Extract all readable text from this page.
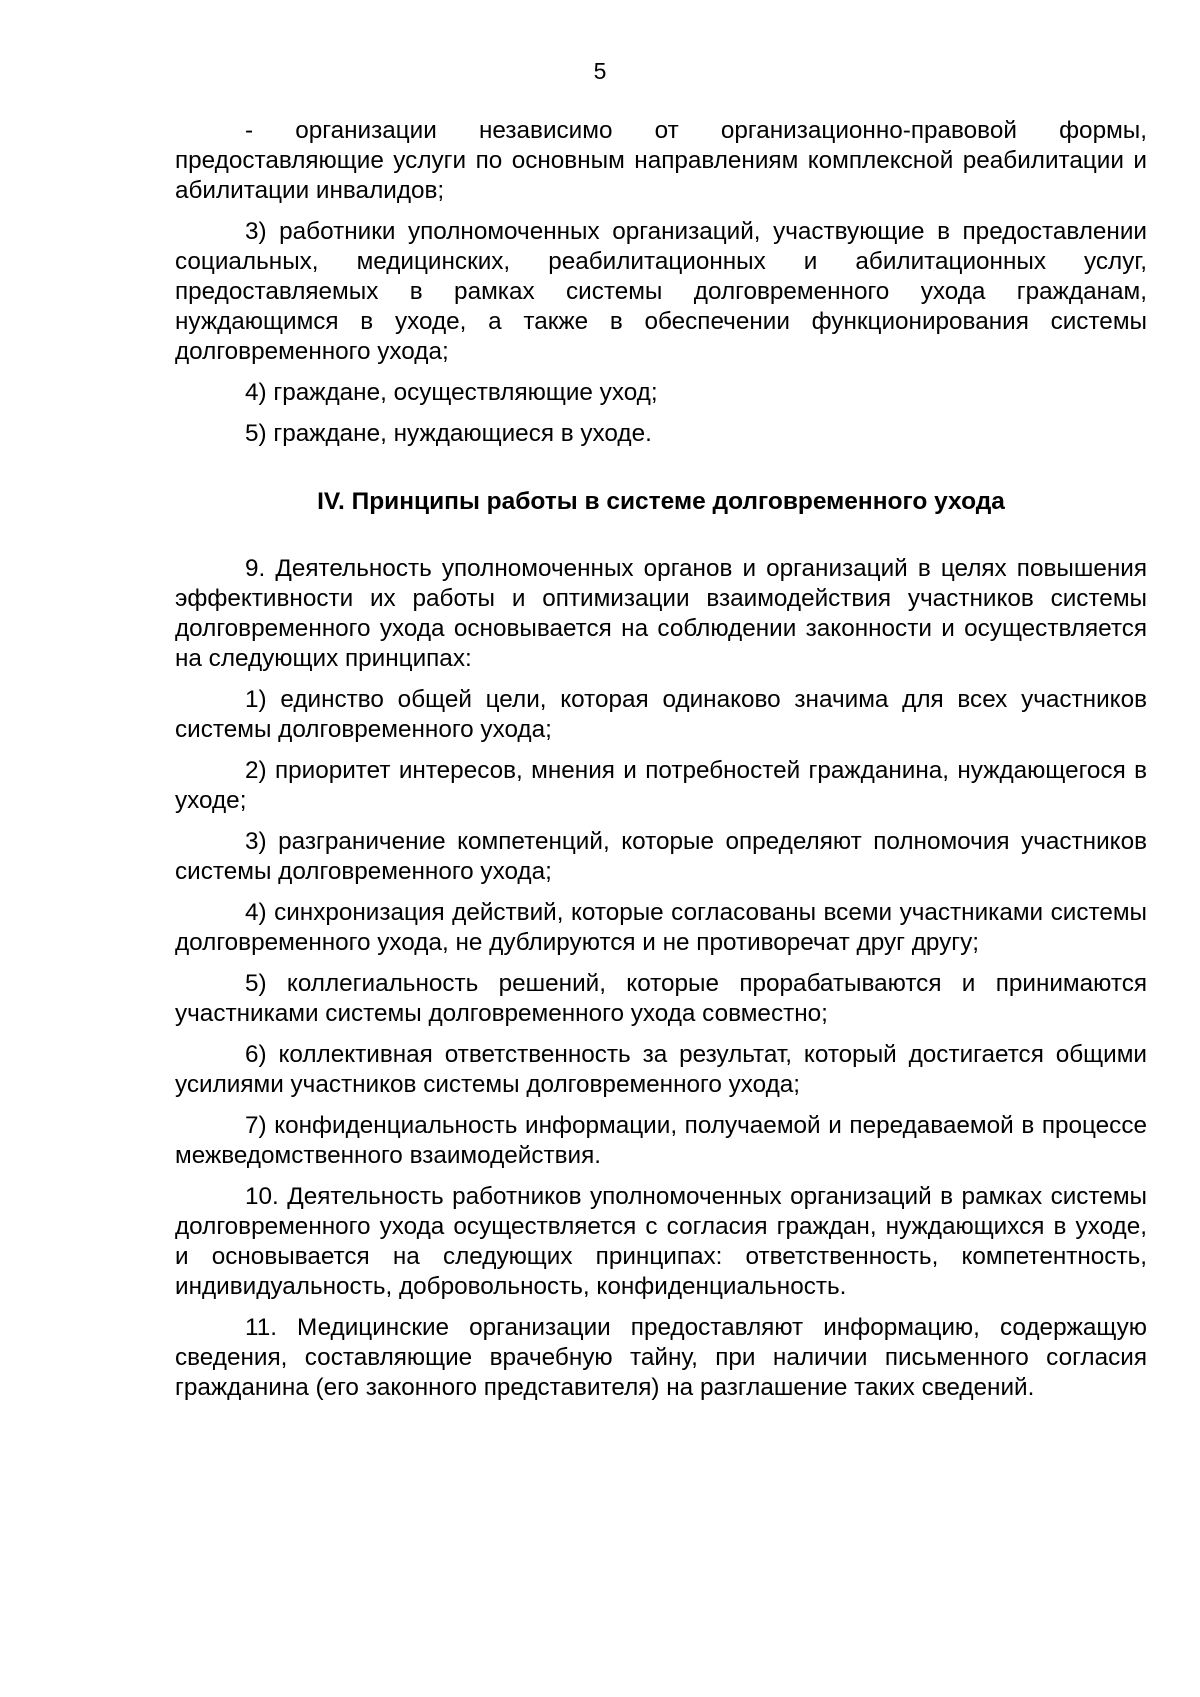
5

- организации независимо от организационно-правовой формы, предоставляющие услуги по основным направлениям комплексной реабилитации и абилитации инвалидов;

3) работники уполномоченных организаций, участвующие в предоставлении социальных, медицинских, реабилитационных и абилитационных услуг, предоставляемых в рамках системы долговременного ухода гражданам, нуждающимся в уходе, а также в обеспечении функционирования системы долговременного ухода;

4) граждане, осуществляющие уход;

5) граждане, нуждающиеся в уходе.

IV. Принципы работы в системе долговременного ухода

9. Деятельность уполномоченных органов и организаций в целях повышения эффективности их работы и оптимизации взаимодействия участников системы долговременного ухода основывается на соблюдении законности и осуществляется на следующих принципах:

1) единство общей цели, которая одинаково значима для всех участников системы долговременного ухода;

2) приоритет интересов, мнения и потребностей гражданина, нуждающегося в уходе;

3) разграничение компетенций, которые определяют полномочия участников системы долговременного ухода;

4) синхронизация действий, которые согласованы всеми участниками системы долговременного ухода, не дублируются и не противоречат друг другу;

5) коллегиальность решений, которые прорабатываются и принимаются участниками системы долговременного ухода совместно;

6) коллективная ответственность за результат, который достигается общими усилиями участников системы долговременного ухода;

7) конфиденциальность информации, получаемой и передаваемой в процессе межведомственного взаимодействия.

10. Деятельность работников уполномоченных организаций в рамках системы долговременного ухода осуществляется с согласия граждан, нуждающихся в уходе, и основывается на следующих принципах: ответственность, компетентность, индивидуальность, добровольность, конфиденциальность.

11. Медицинские организации предоставляют информацию, содержащую сведения, составляющие врачебную тайну, при наличии письменного согласия гражданина (его законного представителя) на разглашение таких сведений.
